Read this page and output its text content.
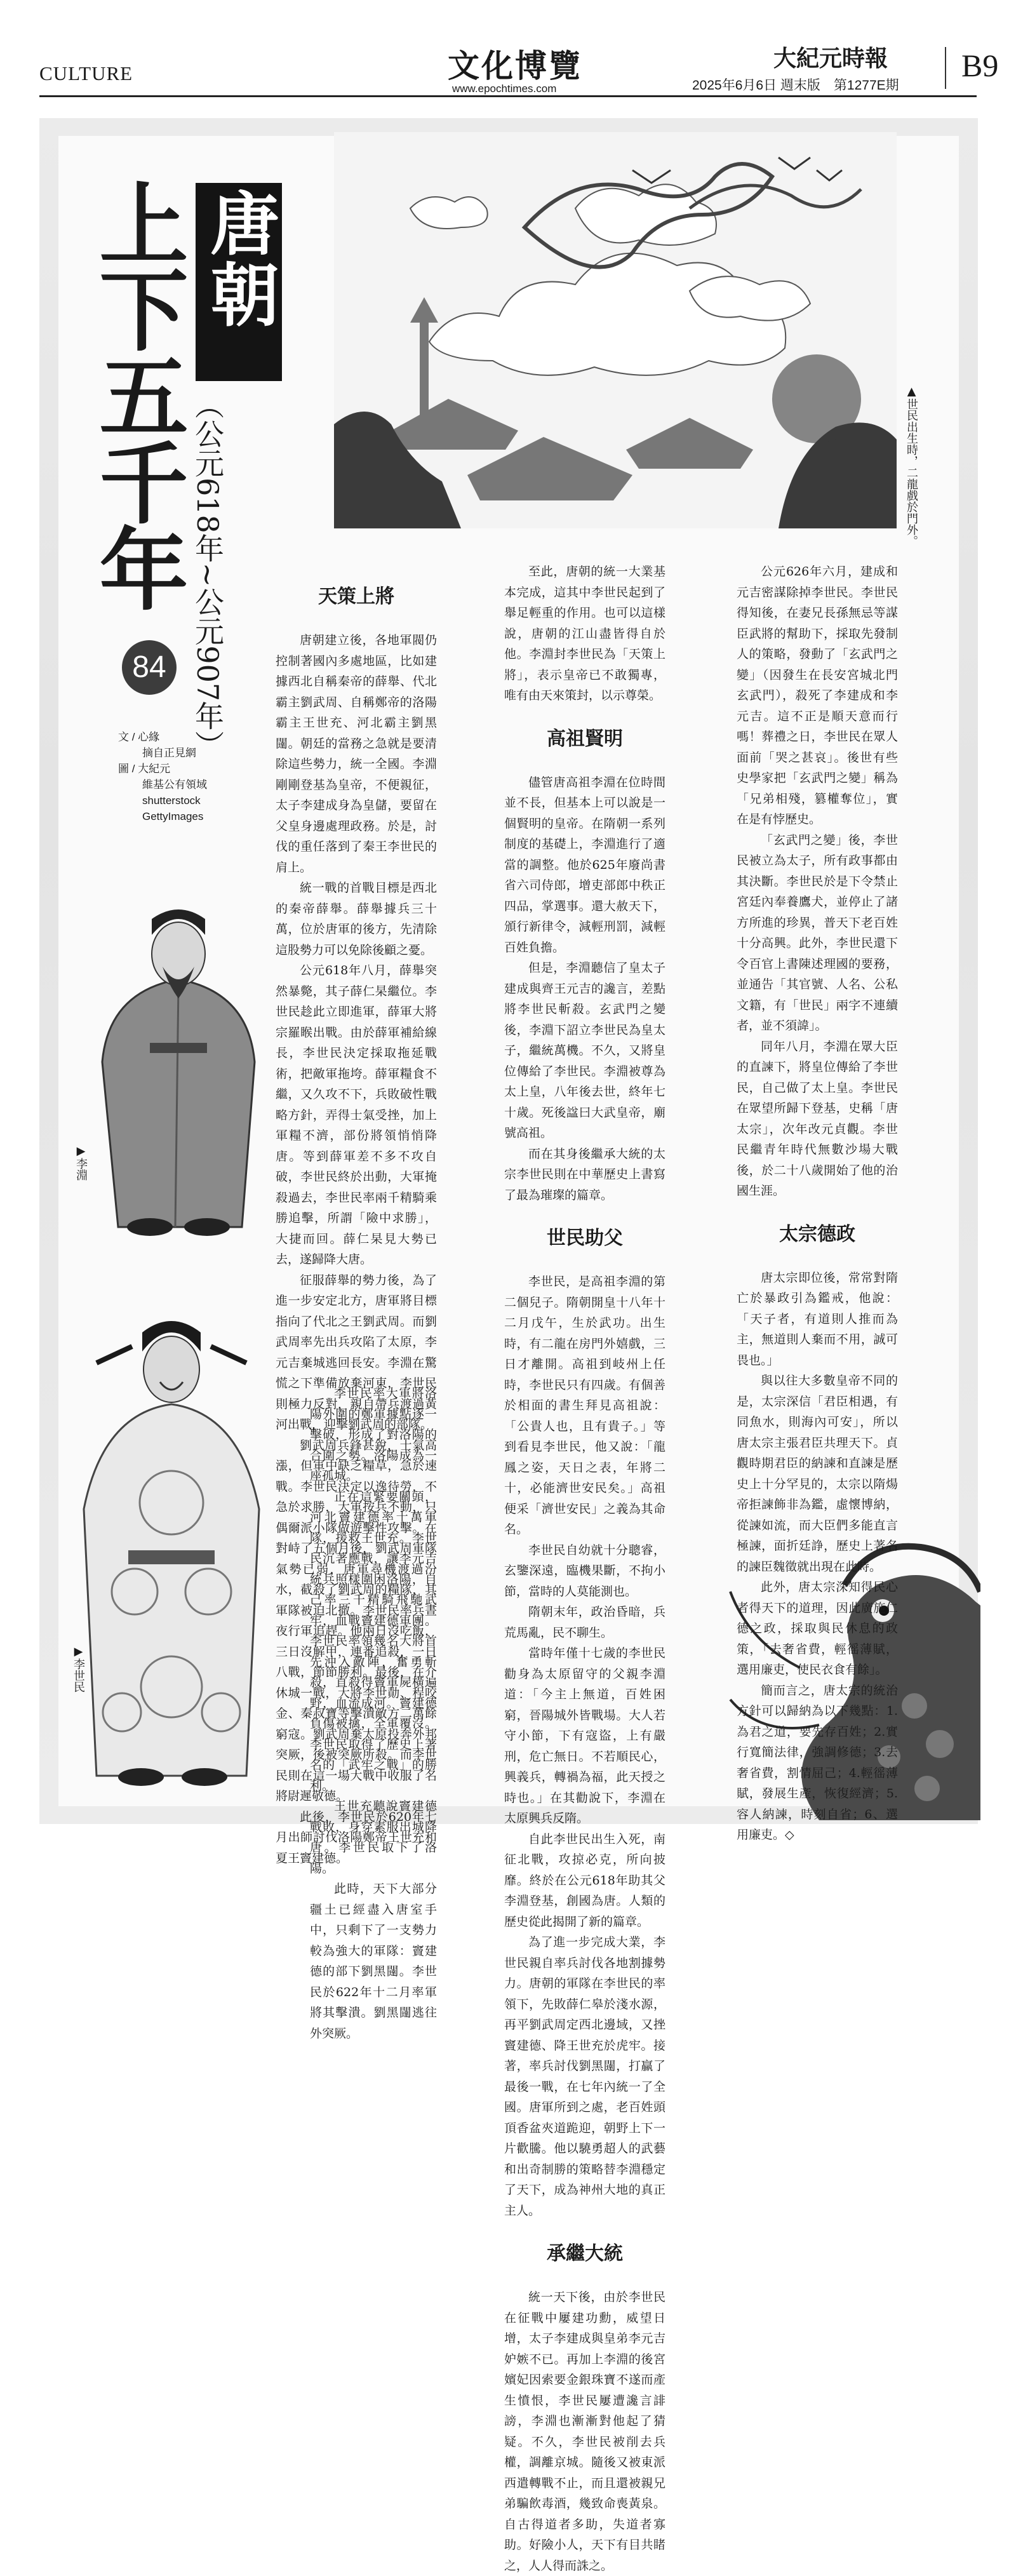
CULTURE	文化博覽
www.epochtimes.com
大紀元時報
2025年6月6日 週末版　第1277E期
B9
上下五千年 唐朝
（公元618年~公元907年）
84
文 / 心緣
摘自正見網
圖 / 大紀元
維基公有領域
shutterstock
GettyImages
▲世民出生時，二龍戲於門外。
▶李淵
▶李世民
天策上將

唐朝建立後，各地軍閥仍控制著國內多處地區，比如建據西北自稱秦帝的薛舉、代北霸主劉武周、自稱鄭帝的洛陽霸主王世充、河北霸主劉黑闥。朝廷的當務之急就是要清除這些勢力，統一全國。李淵剛剛登基為皇帝，不便親征，太子李建成身為皇儲，要留在父皇身邊處理政務。於是，討伐的重任落到了秦王李世民的肩上。

統一戰的首戰目標是西北的秦帝薛舉。薛舉據兵三十萬，位於唐軍的後方，先清除這股勢力可以免除後顧之憂。

公元618年八月，薛舉突然暴斃，其子薛仁杲繼位。李世民趁此立即進軍，薛軍大將宗羅睺出戰。由於薛軍補給線長，李世民決定採取拖延戰術，把敵軍拖垮。薛軍糧食不繼，又久攻不下，兵敗破性戰略方針，弄得士氣受挫，加上軍糧不濟，部份將領悄悄降唐。等到薛軍差不多不攻自破，李世民終於出動，大軍掩殺過去，李世民率兩千精騎乘勝追擊，所謂「險中求勝」，大捷而回。薛仁杲見大勢已去，遂歸降大唐。

征服薛舉的勢力後，為了進一步安定北方，唐軍將目標指向了代北之王劉武周。而劉武周率先出兵攻陷了太原，李元吉棄城逃回長安。李淵在驚慌之下準備放棄河東，李世民則極力反對，親自帶兵渡過黃河出戰，迎擊劉武周的部隊。

劉武周兵鋒甚銳，士氣高漲，但軍中缺乏糧草，急於速戰。李世民決定以逸待勞，不急於求勝，大軍按兵不動，只偶爾派小隊做遊擊性攻擊。在對峙了五個月後，劉武周軍隊氣勢已弱，唐軍尋機渡過汾水，截殺了劉武周的糧隊，其軍隊被迫北撤。李世民率兵晝夜行軍追趕。他兩日沒吃飯，三日沒解甲，連番追殺，一日八戰，節節勝利。最後，在介休城一戰，大將李世勣、程咬金、秦叔寶等擊潰敵方二萬餘窮寇。劉武周棄太原投奔外邦突厥，後被突厥所殺。而李世民則在這一場大戰中收服了名將尉遲敬德。

此後，李世民於620年七月出師討伐洛陽鄭帝王世充和夏王竇建德。

李世民率大軍將洛陽外圍的鄭軍據點逐一擊破，形成了對洛陽的合圍之勢。洛陽成為一座孤城。

正在這緊要關頭，河北竇建德率十萬軍隊，援救王世充。李世民沉著應戰，讓李元吉統兵照樣圍困洛陽，自己率三千精騎飛馳武牢，血戰竇建德軍團。李世民率領幾名大將首先沖入敵陣，奮勇斬殺，直殺得竇軍屍橫遍野，血流成河。竇建德負傷被擒，全軍覆沒。李世民取得了歷史上著名的「武牢之戰」的勝利。

王世充聽說竇建德戰敗，身穿素服出城降唐。李世民取下了洛陽。

此時，天下大部分疆土已經盡入唐室手中，只剩下了一支勢力較為強大的軍隊：竇建德的部下劉黑闥。李世民於622年十二月率軍將其擊潰。劉黑闥逃往外突厥。

至此，唐朝的統一大業基本完成，這其中李世民起到了舉足輕重的作用。也可以這樣說，唐朝的江山盡皆得自於他。李淵封李世民為「天策上將」，表示皇帝已不敢獨專，唯有由天來策封，以示尊榮。

高祖賢明

儘管唐高祖李淵在位時間並不長，但基本上可以說是一個賢明的皇帝。在隋朝一系列制度的基礎上，李淵進行了適當的調整。他於625年廢尚書省六司侍郎，增吏部郎中秩正四品，掌選事。還大赦天下，頒行新律令，減輕刑罰，減輕百姓負擔。

但是，李淵聽信了皇太子建成與齊王元吉的讒言，差點將李世民斬殺。玄武門之變後，李淵下詔立李世民為皇太子，繼統萬機。不久，又將皇位傳給了李世民。李淵被尊為太上皇，八年後去世，終年七十歲。死後諡曰大武皇帝，廟號高祖。

而在其身後繼承大統的太宗李世民則在中華歷史上書寫了最為璀璨的篇章。

世民助父

李世民，是高祖李淵的第二個兒子。隋朝開皇十八年十二月戊午，生於武功。出生時，有二龍在房門外嬉戲，三日才離開。高祖到岐州上任時，李世民只有四歲。有個善於相面的書生拜見高祖說：「公貴人也，且有貴子。」等到看見李世民，他又說：「龍鳳之姿，天日之表，年將二十，必能濟世安民矣。」高祖便采「濟世安民」之義為其命名。

李世民自幼就十分聰睿，玄鑒深遠，臨機果斷，不拘小節，當時的人莫能測也。

隋朝末年，政治昏暗，兵荒馬亂，民不聊生。

當時年僅十七歲的李世民勸身為太原留守的父親李淵道：「今主上無道，百姓困窮，晉陽城外皆戰場。大人若守小節，下有寇盜，上有嚴刑，危亡無日。不若順民心，興義兵，轉禍為福，此天授之時也。」在其勸說下，李淵在太原興兵反隋。

自此李世民出生入死，南征北戰，攻掠必克，所向披靡。終於在公元618年助其父李淵登基，創國為唐。人類的歷史從此揭開了新的篇章。

為了進一步完成大業，李世民親自率兵討伐各地割據勢力。唐朝的軍隊在李世民的率領下，先敗薛仁皋於淺水源，再平劉武周定西北邊域，又挫竇建德、降王世充於虎牢。接著，率兵討伐劉黑闥，打贏了最後一戰，在七年內統一了全國。唐軍所到之處，老百姓頭頂香盆夾道跪迎，朝野上下一片歡騰。他以驍勇超人的武藝和出奇制勝的策略替李淵穩定了天下，成為神州大地的真正主人。

承繼大統

統一天下後，由於李世民在征戰中屢建功勳，威望日增，太子李建成與皇弟李元吉妒嫉不已。再加上李淵的後宮嬪妃因索要金銀珠寶不遂而產生憤恨，李世民屢遭讒言誹謗，李淵也漸漸對他起了猜疑。不久，李世民被削去兵權，調離京城。隨後又被東派西遣轉戰不止，而且還被親兄弟騙飲毒酒，幾致命喪黃泉。自古得道者多助，失道者寡助。好險小人，天下有目共睹之，人人得而誅之。

公元626年六月，建成和元吉密謀除掉李世民。李世民得知後，在妻兄長孫無忌等謀臣武將的幫助下，採取先發制人的策略，發動了「玄武門之變」（因發生在長安宮城北門玄武門），殺死了李建成和李元吉。這不正是順天意而行嗎！葬禮之日，李世民在眾人面前「哭之甚哀」。後世有些史學家把「玄武門之變」稱為「兄弟相殘，篡權奪位」，實在是有悖歷史。

「玄武門之變」後，李世民被立為太子，所有政事都由其決斷。李世民於是下令禁止宮廷內奉養鷹犬，並停止了諸方所進的珍異，普天下老百姓十分高興。此外，李世民還下令百官上書陳述理國的要務，並通告「其官號、人名、公私文籍，有「世民」兩字不連續者，並不須諱」。

同年八月，李淵在眾大臣的直諫下，將皇位傳給了李世民，自己做了太上皇。李世民在眾望所歸下登基，史稱「唐太宗」，次年改元貞觀。李世民繼青年時代無數沙場大戰後，於二十八歲開始了他的治國生涯。

太宗德政

唐太宗即位後，常常對隋亡於暴政引為鑑戒，他說：「天子者，有道則人推而為主，無道則人棄而不用，誠可畏也。」

與以往大多數皇帝不同的是，太宗深信「君臣相遇，有同魚水，則海內可安」，所以唐太宗主張君臣共理天下。貞觀時期君臣的納諫和直諫是歷史上十分罕見的，太宗以隋煬帝拒諫飾非為鑑，虛懷博納，從諫如流，而大臣們多能直言極諫，面折廷諍，歷史上著名的諫臣魏徵就出現在此時。

此外，唐太宗深知得民心者得天下的道理，因此廣施仁德之政，採取與民休息的政策，「去奢省費，輕徭薄賦，選用廉吏，使民衣食有餘」。

簡而言之，唐太宗的統治方針可以歸納為以下幾點：1.為君之道，要先存百姓；2.實行寬簡法律，強調修德；3.去奢省費，割情屈己；4.輕徭薄賦，發展生產，恢復經濟；5.容人納諫，時刻自省；6、選用廉吏。◇
